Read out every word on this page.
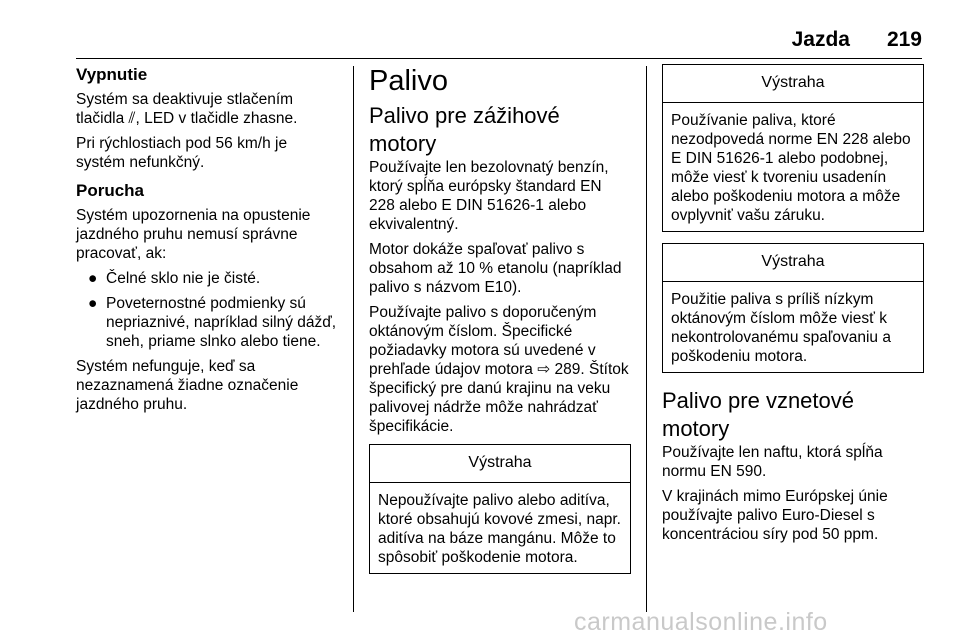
Jazda 219
Vypnutie

Systém sa deaktivuje stlačením tlačidla ⫽, LED v tlačidle zhasne.

Pri rýchlostiach pod 56 km/h je systém nefunkčný.

Porucha

Systém upozornenia na opustenie jazdného pruhu nemusí správne pracovať, ak:

● Čelné sklo nie je čisté.
● Poveternostné podmienky sú nepriaznivé, napríklad silný dážď, sneh, priame slnko alebo tiene.

Systém nefunguje, keď sa nezaznamená žiadne označenie jazdného pruhu.

Palivo
Palivo pre zážihové motory

Používajte len bezolovnatý benzín, ktorý spĺňa európsky štandard EN 228 alebo E DIN 51626-1 alebo ekvivalentný.

Motor dokáže spaľovať palivo s obsahom až 10 % etanolu (napríklad palivo s názvom E10).

Používajte palivo s doporučeným oktánovým číslom. Špecifické požiadavky motora sú uvedené v prehľade údajov motora ⇨ 289. Štítok špecifický pre danú krajinu na veku palivovej nádrže môže nahrádzať špecifikácie.

Výstraha

Nepoužívajte palivo alebo aditíva, ktoré obsahujú kovové zmesi, napr. aditíva na báze mangánu. Môže to spôsobiť poškodenie motora.

Výstraha

Používanie paliva, ktoré nezodpovedá norme EN 228 alebo E DIN 51626-1 alebo podobnej, môže viesť k tvoreniu usadenín alebo poškodeniu motora a môže ovplyvniť vašu záruku.

Výstraha

Použitie paliva s príliš nízkym oktánovým číslom môže viesť k nekontrolovanému spaľovaniu a poškodeniu motora.

Palivo pre vznetové motory

Používajte len naftu, ktorá spĺňa normu EN 590.

V krajinách mimo Európskej únie používajte palivo Euro-Diesel s koncentráciou síry pod 50 ppm.

carmanualsonline.info
